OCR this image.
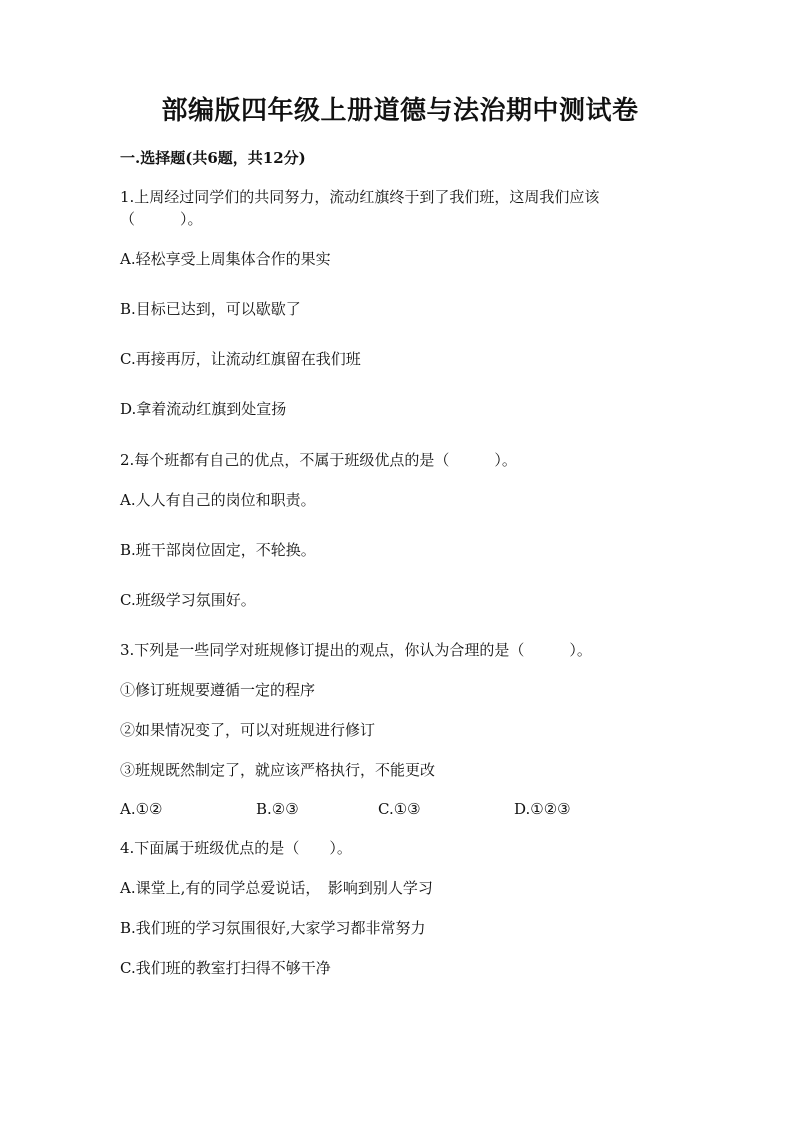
部编版四年级上册道德与法治期中测试卷
一.选择题(共6题，共12分)
1.上周经过同学们的共同努力，流动红旗终于到了我们班，这周我们应该
（　　　）。
A.轻松享受上周集体合作的果实
B.目标已达到，可以歇歇了
C.再接再厉，让流动红旗留在我们班
D.拿着流动红旗到处宣扬
2.每个班都有自己的优点，不属于班级优点的是（　　　）。
A.人人有自己的岗位和职责。
B.班干部岗位固定，不轮换。
C.班级学习氛围好。
3.下列是一些同学对班规修订提出的观点，你认为合理的是（　　　）。
①修订班规要遵循一定的程序
②如果情况变了，可以对班规进行修订
③班规既然制定了，就应该严格执行，不能更改
A.①②	B.②③	C.①③	D.①②③
4.下面属于班级优点的是（　　）。
A.课堂上,有的同学总爱说话，　影响到别人学习
B.我们班的学习氛围很好,大家学习都非常努力
C.我们班的教室打扫得不够干净
